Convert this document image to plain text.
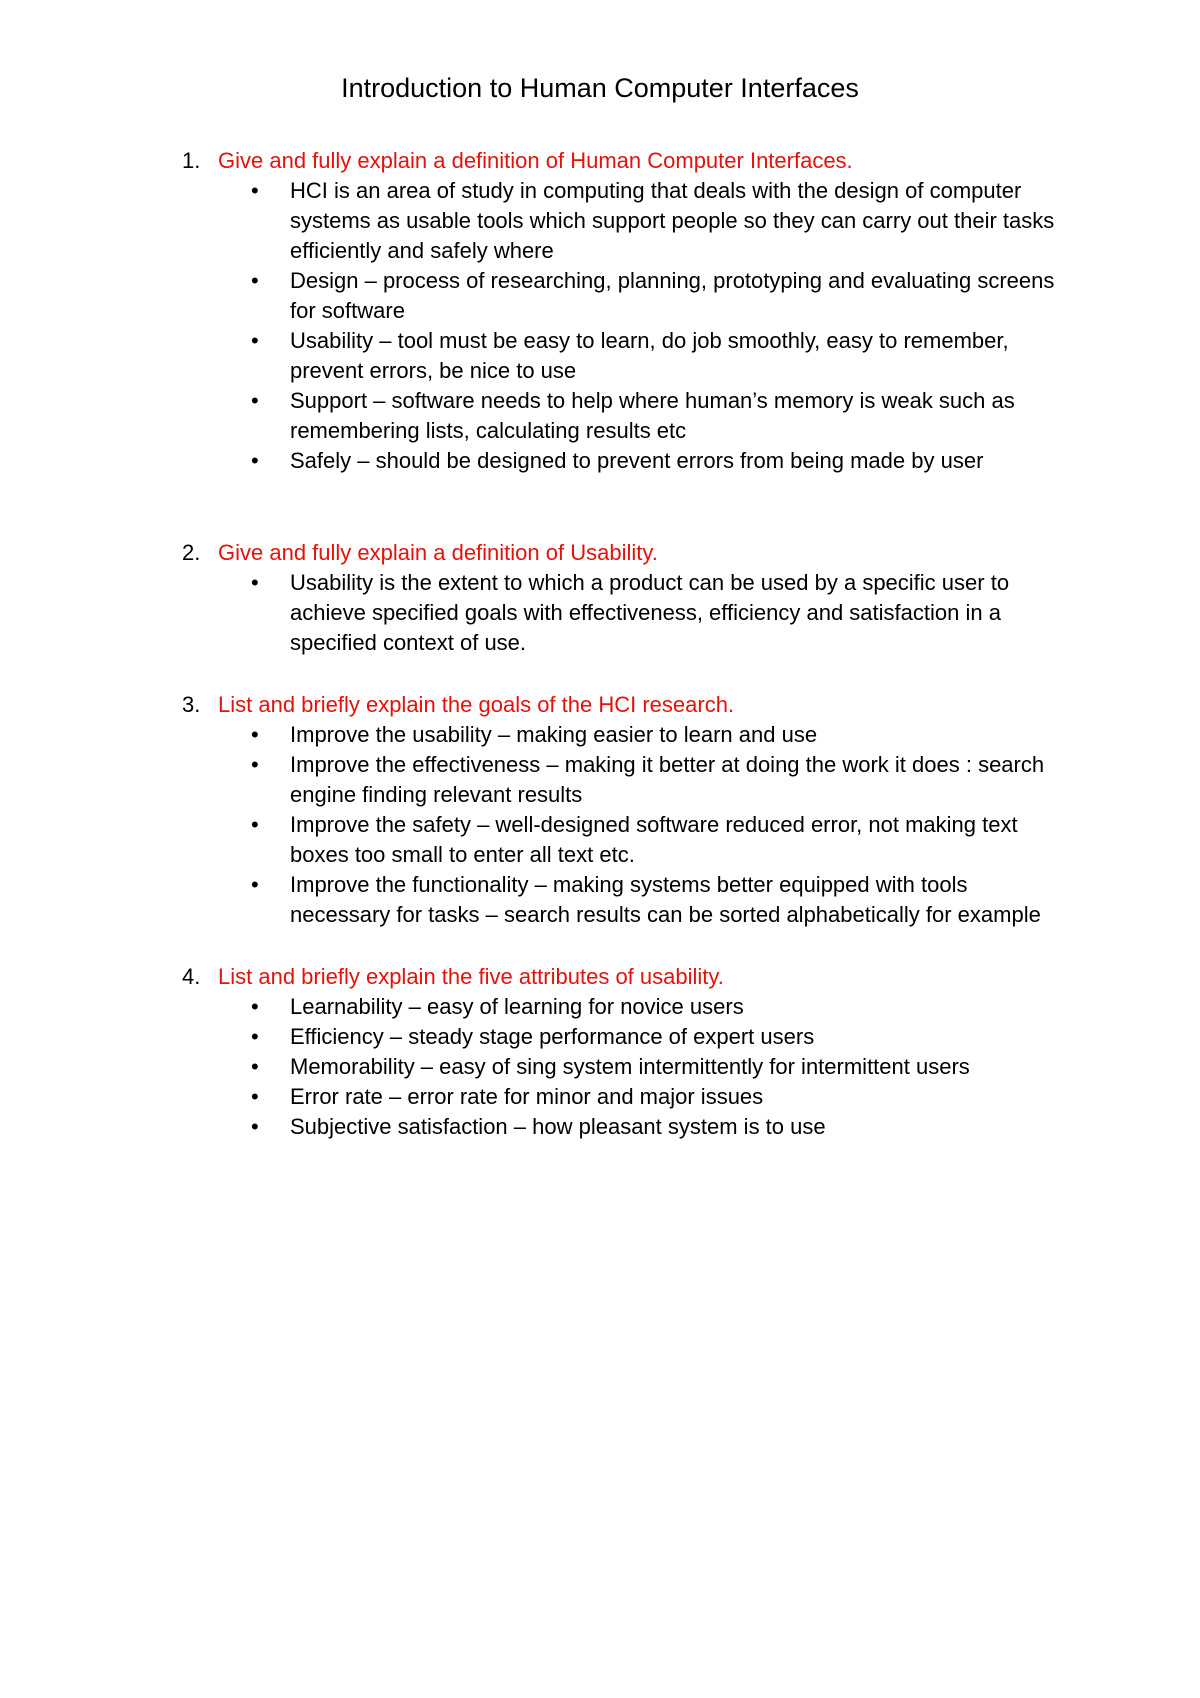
Introduction to Human Computer Interfaces
1. Give and fully explain a definition of Human Computer Interfaces.
• HCI is an area of study in computing that deals with the design of computer systems as usable tools which support people so they can carry out their tasks efficiently and safely where
• Design – process of researching, planning, prototyping and evaluating screens for software
• Usability – tool must be easy to learn, do job smoothly, easy to remember, prevent errors, be nice to use
• Support – software needs to help where human’s memory is weak such as remembering lists, calculating results etc
• Safely – should be designed to prevent errors from being made by user
2. Give and fully explain a definition of Usability.
• Usability is the extent to which a product can be used by a specific user to achieve specified goals with effectiveness, efficiency and satisfaction in a specified context of use.
3. List and briefly explain the goals of the HCI research.
• Improve the usability – making easier to learn and use
• Improve the effectiveness – making it better at doing the work it does : search engine finding relevant results
• Improve the safety – well-designed software reduced error, not making text boxes too small to enter all text etc.
• Improve the functionality – making systems better equipped with tools necessary for tasks – search results can be sorted alphabetically for example
4. List and briefly explain the five attributes of usability.
• Learnability – easy of learning for novice users
• Efficiency – steady stage performance of expert users
• Memorability – easy of sing system intermittently for intermittent users
• Error rate – error rate for minor and major issues
• Subjective satisfaction – how pleasant system is to use
